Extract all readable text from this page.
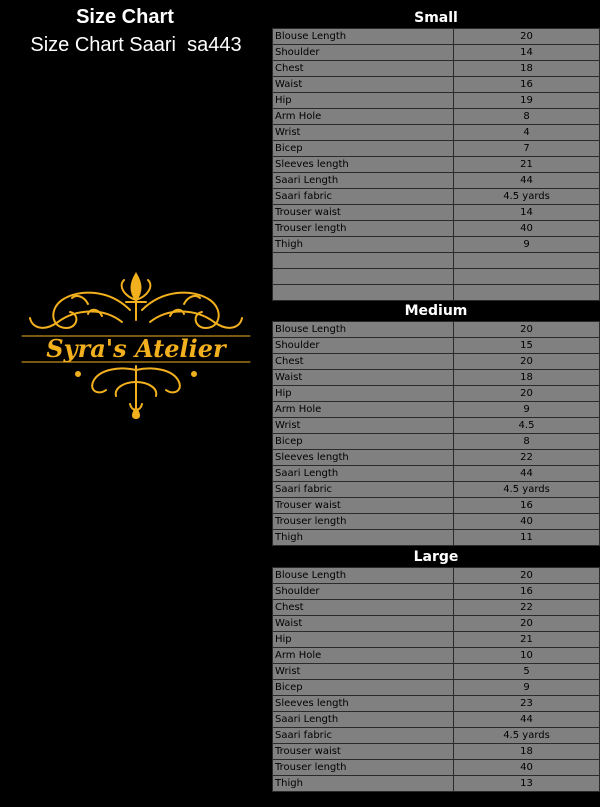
Size Chart
Size Chart Saari  sa443
Syra's Atelier
Small
Blouse Length	20
Shoulder	14
Chest	18
Waist	16
Hip	19
Arm Hole	8
Wrist	4
Bicep	7
Sleeves length	21
Saari Length	44
Saari fabric	4.5 yards
Trouser waist	14
Trouser length	40
Thigh	9

Medium
Blouse Length	20
Shoulder	15
Chest	20
Waist	18
Hip	20
Arm Hole	9
Wrist	4.5
Bicep	8
Sleeves length	22
Saari Length	44
Saari fabric	4.5 yards
Trouser waist	16
Trouser length	40
Thigh	11
Large
Blouse Length	20
Shoulder	16
Chest	22
Waist	20
Hip	21
Arm Hole	10
Wrist	5
Bicep	9
Sleeves length	23
Saari Length	44
Saari fabric	4.5 yards
Trouser waist	18
Trouser length	40
Thigh	13
